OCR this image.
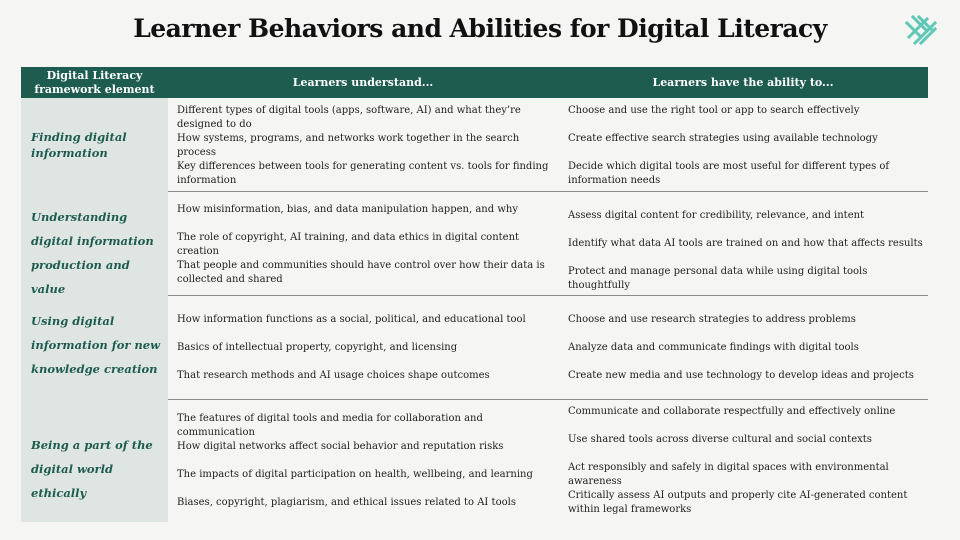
Learner Behaviors and Abilities for Digital Literacy
Digital Literacy framework element
Learners understand...	Learners have the ability to...
Finding digital information
Different types of digital tools (apps, software, AI) and what they’re designed to do
How systems, programs, and networks work together in the search process
Key differences between tools for generating content vs. tools for finding information
Choose and use the right tool or app to search effectively
Create effective search strategies using available technology
Decide which digital tools are most useful for different types of information needs
Understanding digital information production and value
How misinformation, bias, and data manipulation happen, and why
The role of copyright, AI training, and data ethics in digital content creation
That people and communities should have control over how their data is collected and shared
Assess digital content for credibility, relevance, and intent
Identify what data AI tools are trained on and how that affects results
Protect and manage personal data while using digital tools thoughtfully
Using digital information for new knowledge creation
How information functions as a social, political, and educational tool
Basics of intellectual property, copyright, and licensing
That research methods and AI usage choices shape outcomes
Choose and use research strategies to address problems
Analyze data and communicate findings with digital tools
Create new media and use technology to develop ideas and projects
Being a part of the digital world ethically
The features of digital tools and media for collaboration and communication
How digital networks affect social behavior and reputation risks
The impacts of digital participation on health, wellbeing, and learning
Biases, copyright, plagiarism, and ethical issues related to AI tools
Communicate and collaborate respectfully and effectively online
Use shared tools across diverse cultural and social contexts
Act responsibly and safely in digital spaces with environmental awareness
Critically assess AI outputs and properly cite AI-generated content within legal frameworks
